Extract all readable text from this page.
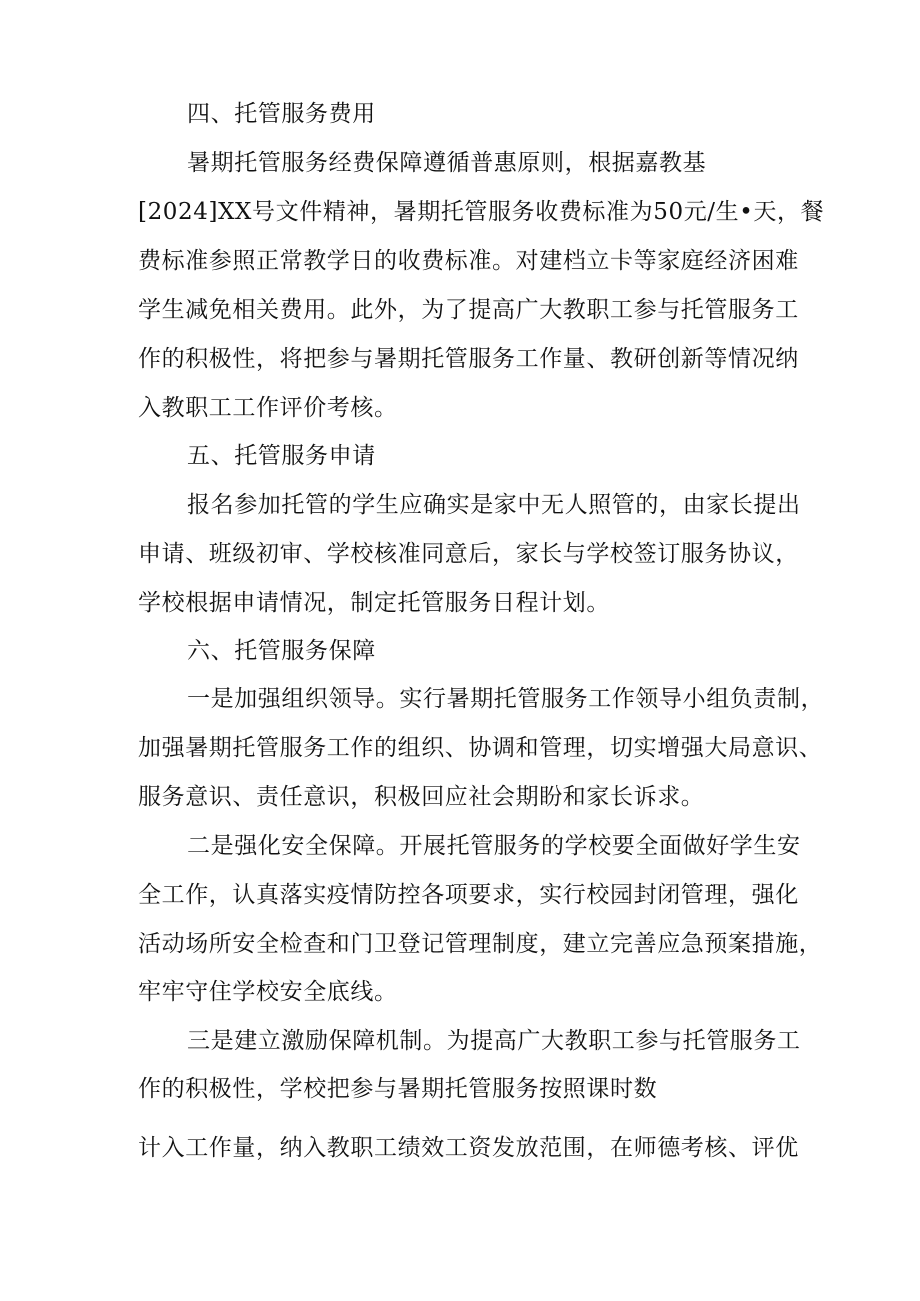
四、托管服务费用
暑期托管服务经费保障遵循普惠原则，根据嘉教基
[2024]XX号文件精神，暑期托管服务收费标准为50元/生•天，餐
费标准参照正常教学日的收费标准。对建档立卡等家庭经济困难
学生减免相关费用。此外，为了提高广大教职工参与托管服务工
作的积极性，将把参与暑期托管服务工作量、教研创新等情况纳
入教职工工作评价考核。
五、托管服务申请
报名参加托管的学生应确实是家中无人照管的，由家长提出
申请、班级初审、学校核准同意后，家长与学校签订服务协议，
学校根据申请情况，制定托管服务日程计划。
六、托管服务保障
一是加强组织领导。实行暑期托管服务工作领导小组负责制，
加强暑期托管服务工作的组织、协调和管理，切实增强大局意识、
服务意识、责任意识，积极回应社会期盼和家长诉求。
二是强化安全保障。开展托管服务的学校要全面做好学生安
全工作，认真落实疫情防控各项要求，实行校园封闭管理，强化
活动场所安全检查和门卫登记管理制度，建立完善应急预案措施，
牢牢守住学校安全底线。
三是建立激励保障机制。为提高广大教职工参与托管服务工
作的积极性，学校把参与暑期托管服务按照课时数
计入工作量，纳入教职工绩效工资发放范围，在师德考核、评优
